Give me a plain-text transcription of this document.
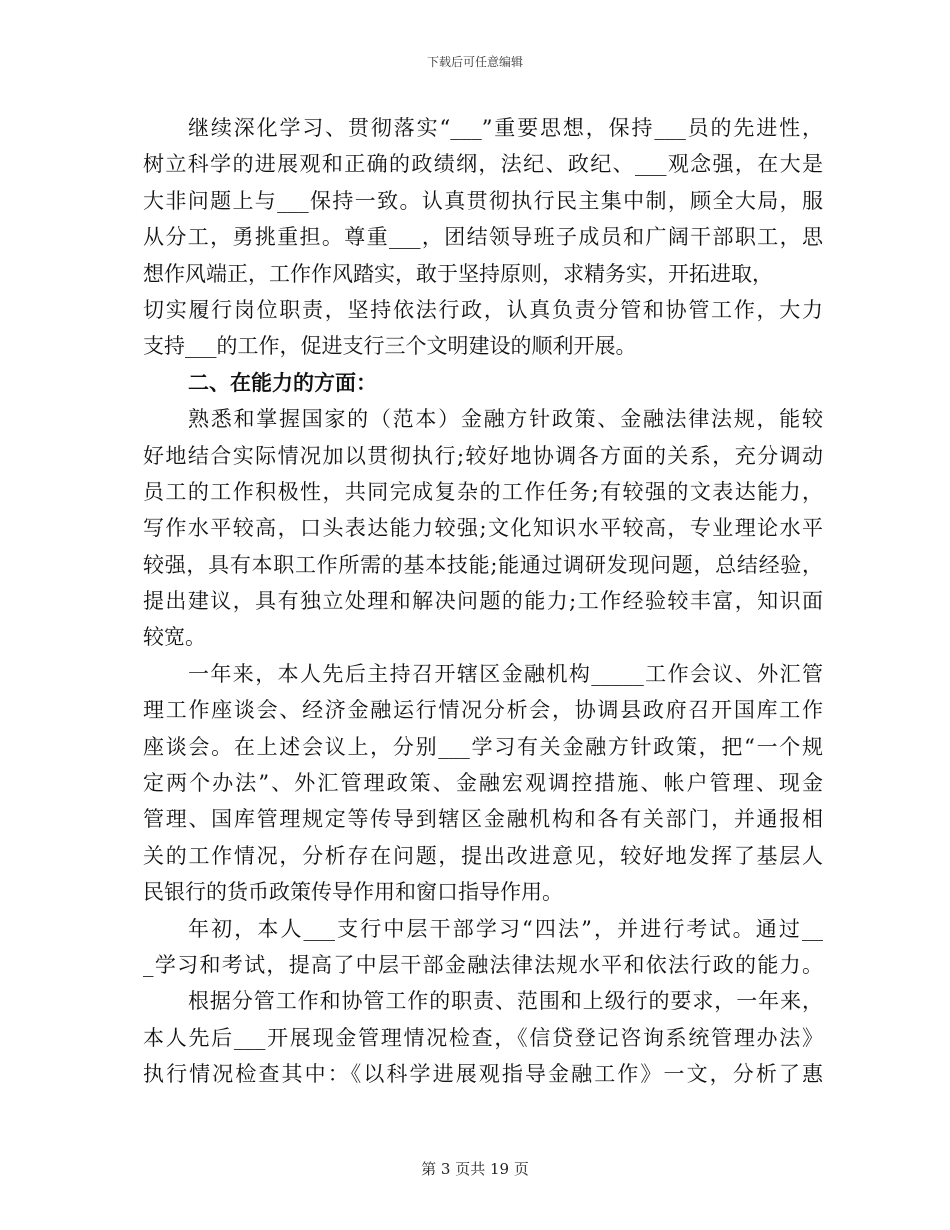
下载后可任意编辑
继续深化学习、贯彻落实“___”重要思想，保持___员的先进性，
树立科学的进展观和正确的政绩纲，法纪、政纪、___观念强，在大是
大非问题上与___保持一致。认真贯彻执行民主集中制，顾全大局，服
从分工，勇挑重担。尊重___，团结领导班子成员和广阔干部职工，思
想作风端正，工作作风踏实，敢于坚持原则，求精务实，开拓进取，
切实履行岗位职责，坚持依法行政，认真负责分管和协管工作，大力
支持___的工作，促进支行三个文明建设的顺利开展。
二、在能力的方面：
熟悉和掌握国家的（范本）金融方针政策、金融法律法规，能较
好地结合实际情况加以贯彻执行;较好地协调各方面的关系，充分调动
员工的工作积极性，共同完成复杂的工作任务;有较强的文表达能力，
写作水平较高，口头表达能力较强;文化知识水平较高，专业理论水平
较强，具有本职工作所需的基本技能;能通过调研发现问题，总结经验，
提出建议，具有独立处理和解决问题的能力;工作经验较丰富，知识面
较宽。
一年来，本人先后主持召开辖区金融机构_____工作会议、外汇管
理工作座谈会、经济金融运行情况分析会，协调县政府召开国库工作
座谈会。在上述会议上，分别___学习有关金融方针政策，把“一个规
定两个办法”、外汇管理政策、金融宏观调控措施、帐户管理、现金
管理、国库管理规定等传导到辖区金融机构和各有关部门，并通报相
关的工作情况，分析存在问题，提出改进意见，较好地发挥了基层人
民银行的货币政策传导作用和窗口指导作用。
年初，本人___支行中层干部学习“四法”，并进行考试。通过__
_学习和考试，提高了中层干部金融法律法规水平和依法行政的能力。
根据分管工作和协管工作的职责、范围和上级行的要求，一年来，
本人先后___开展现金管理情况检查，《信贷登记咨询系统管理办法》
执行情况检查其中：《以科学进展观指导金融工作》一文，分析了惠
第 3 页共 19 页
